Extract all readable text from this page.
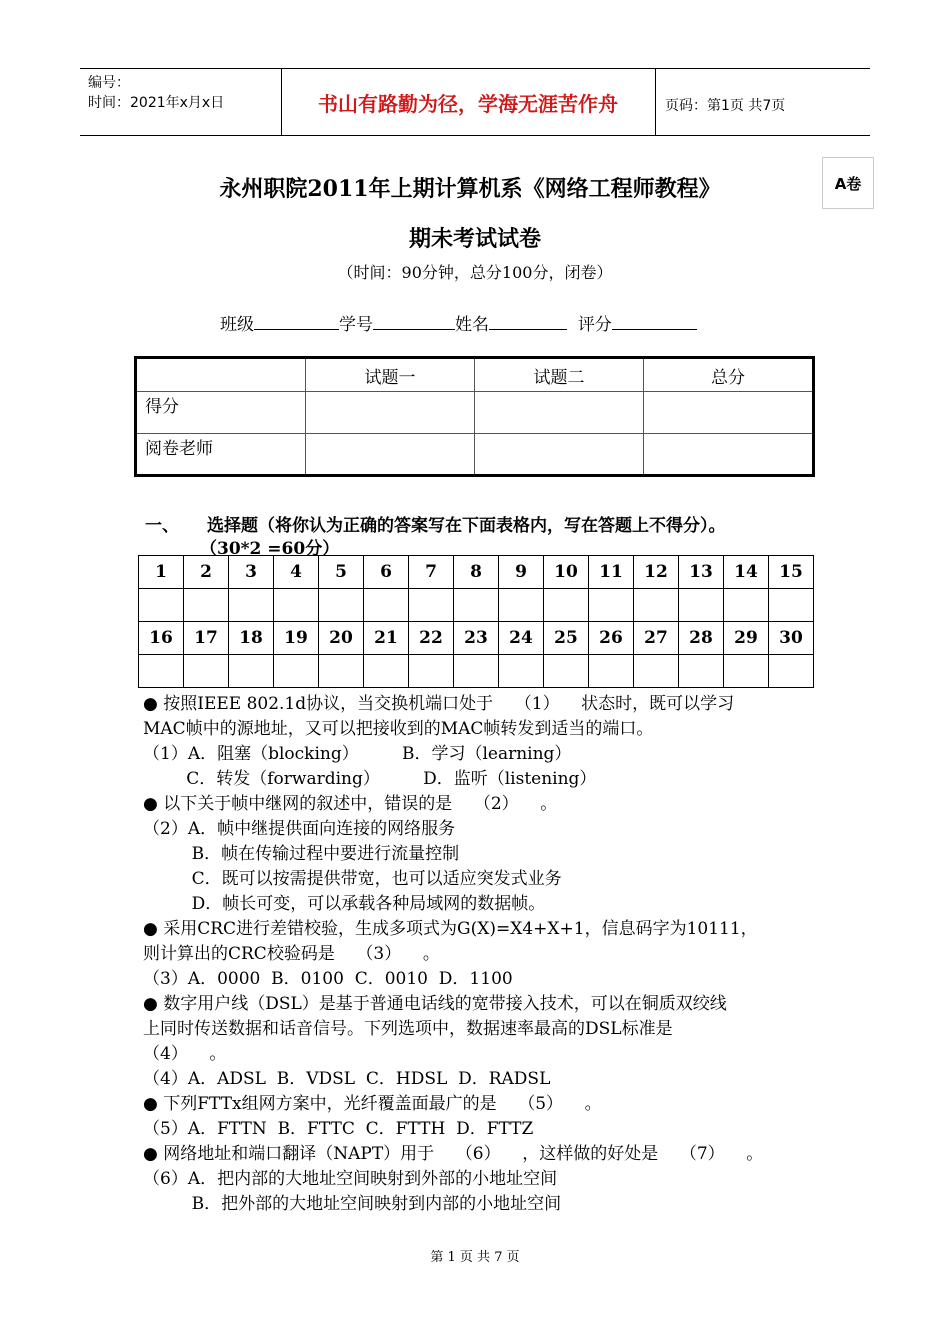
编号：
时间：2021年x月x日	书山有路勤为径，学海无涯苦作舟	页码：第1页 共7页
永州职院2011年上期计算机系《网络工程师教程》	A卷
期未考试试卷
（时间：90分钟，总分100分，闭卷）
班级	学号	姓名	评分
	试题一	试题二	总分
得分			
阅卷老师			
一、 选择题（将你认为正确的答案写在下面表格内，写在答题上不得分）。
（30*2 =60分）
1	2	3	4	5	6	7	8	9	10	11	12	13	14	15

16	17	18	19	20	21	22	23	24	25	26	27	28	29	30

● 按照IEEE 802.1d协议，当交换机端口处于    （1）    状态时，既可以学习
MAC帧中的源地址，又可以把接收到的MAC帧转发到适当的端口。
（1）A．阻塞（blocking）        B．学习（learning）
C．转发（forwarding）        D．监听（listening）
● 以下关于帧中继网的叙述中，错误的是    （2）    。
（2）A．帧中继提供面向连接的网络服务
B．帧在传输过程中要进行流量控制
C．既可以按需提供带宽，也可以适应突发式业务
D．帧长可变，可以承载各种局域网的数据帧。
● 采用CRC进行差错校验，生成多项式为G(X)=X4+X+1，信息码字为10111，
则计算出的CRC校验码是    （3）    。
（3）A．0000  B．0100  C．0010  D．1100
● 数字用户线（DSL）是基于普通电话线的宽带接入技术，可以在铜质双绞线
上同时传送数据和话音信号。下列选项中，数据速率最高的DSL标准是
（4）    。
（4）A．ADSL  B．VDSL  C．HDSL  D．RADSL
● 下列FTTx组网方案中，光纤覆盖面最广的是    （5）    。
（5）A．FTTN  B．FTTC  C．FTTH  D．FTTZ
● 网络地址和端口翻译（NAPT）用于    （6）    ，这样做的好处是    （7）    。
（6）A．把内部的大地址空间映射到外部的小地址空间
B．把外部的大地址空间映射到内部的小地址空间
第 1 页 共 7 页
